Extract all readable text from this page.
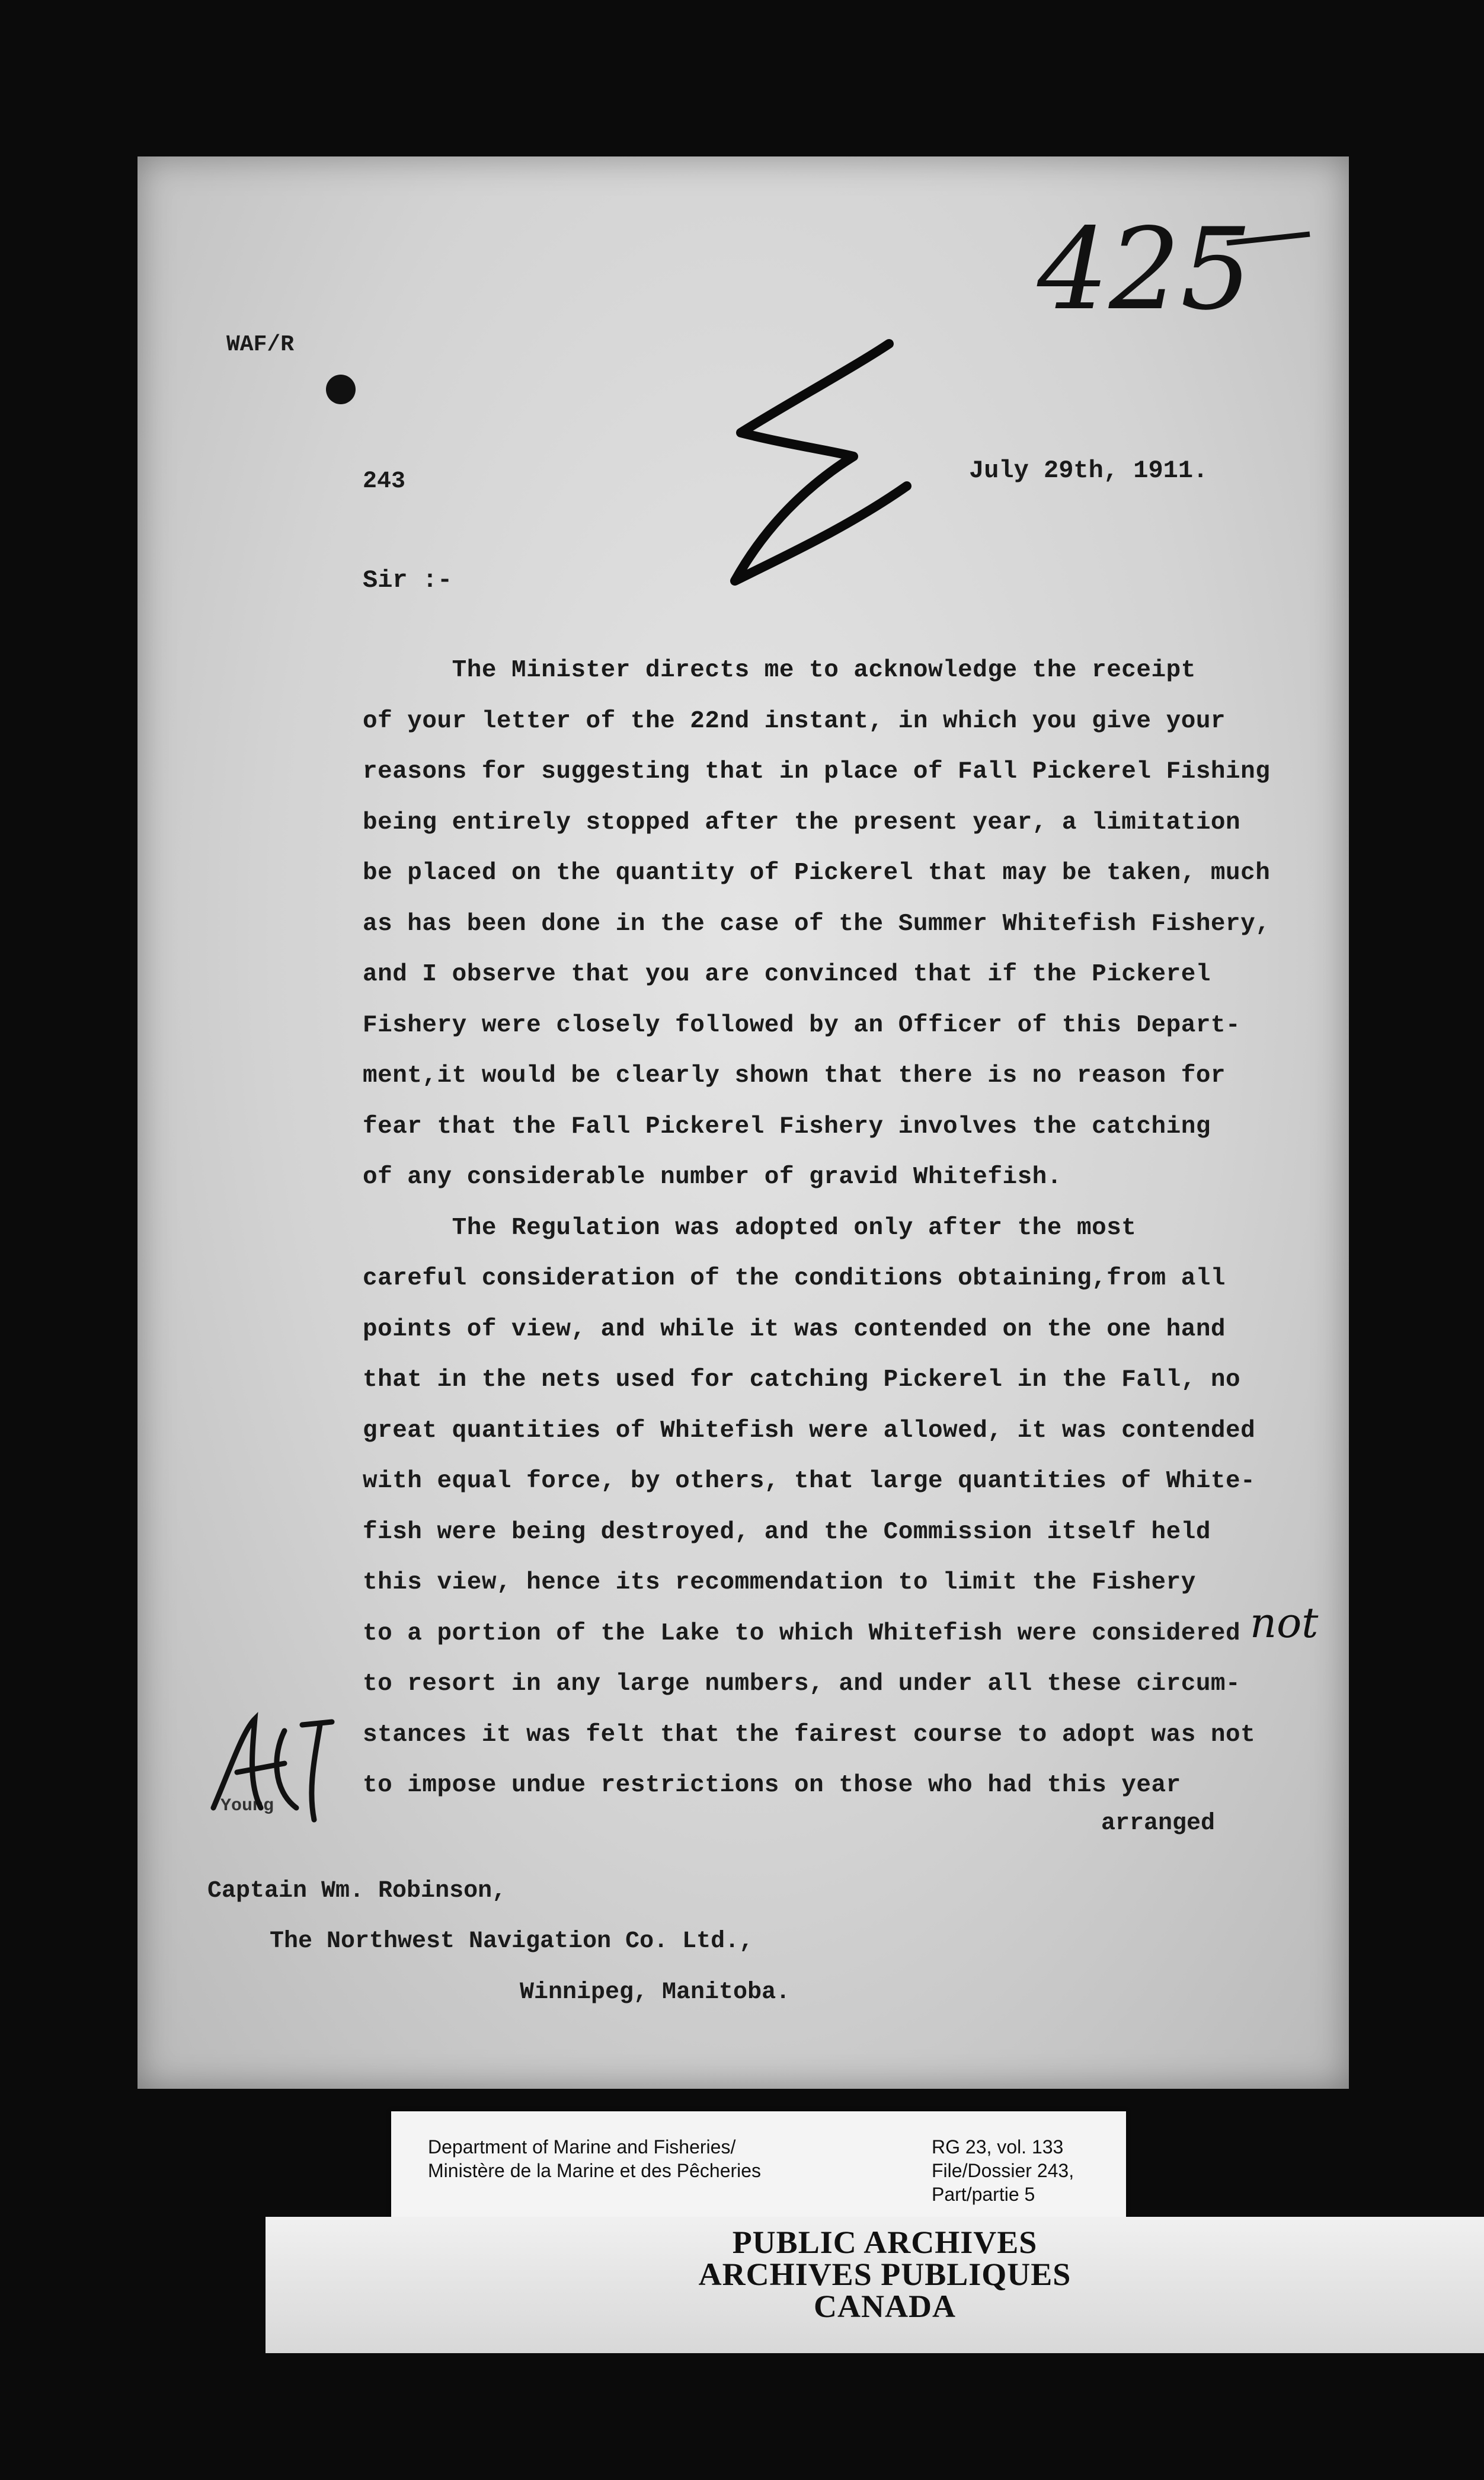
WAF/R
243	July 29th, 1911.
Sir :-
The Minister directs me to acknowledge the receipt
of your letter of the 22nd instant, in which you give your
reasons for suggesting that in place of Fall Pickerel Fishing
being entirely stopped after the present year, a limitation
be placed on the quantity of Pickerel that may be taken, much
as has been done in the case of the Summer Whitefish Fishery,
and I observe that you are convinced that if the Pickerel
Fishery were closely followed by an Officer of this Depart-
ment,it would be clearly shown that there is no reason for
fear that the Fall Pickerel Fishery involves the catching
of any considerable number of gravid Whitefish.
The Regulation was adopted only after the most
careful consideration of the conditions obtaining,from all
points of view, and while it was contended on the one hand
that in the nets used for catching Pickerel in the Fall, no
great quantities of Whitefish were allowed, it was contended
with equal force, by others, that large quantities of White-
fish were being destroyed, and the Commission itself held
this view, hence its recommendation to limit the Fishery
to a portion of the Lake to which Whitefish were considered
to resort in any large numbers, and under all these circum-
stances it was felt that the fairest course to adopt was not
to impose undue restrictions on those who had this year
arranged
Young
Captain Wm. Robinson,
The Northwest Navigation Co. Ltd.,
Winnipeg, Manitoba.
425
not
Department of Marine and Fisheries/
Ministère de la Marine et des Pêcheries
RG 23, vol. 133
File/Dossier 243,
Part/partie 5
PUBLIC ARCHIVES
ARCHIVES PUBLIQUES
CANADA
